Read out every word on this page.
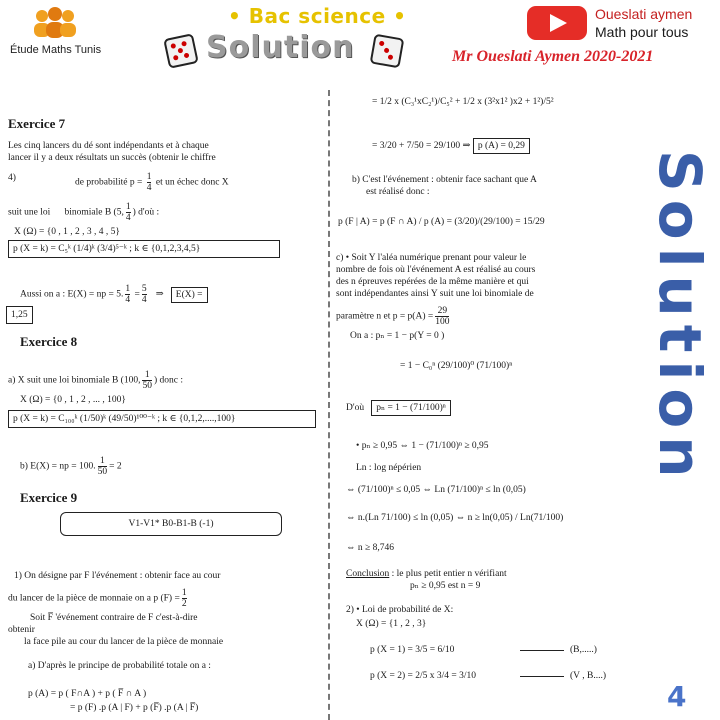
Étude Maths Tunis
• Bac science •
Solution
Oueslati aymen
Math pour tous
Mr Oueslati Aymen 2020-2021
Exercice 7
Les cinq lancers du dé sont indépendants et à chaque
lancer il y a deux résultats un succès (obtenir le chiffre
4)	de probabilité $p = \frac{1}{4}$ et un échec donc X
suit une loi binomiale B (5, $\frac{1}{4}$ ) d'où :
X (Ω) = {0 , 1 , 2 , 3 , 4 , 5}
p (X = k) = C₅ᵏ (1/4)ᵏ (3/4)⁵⁻ᵏ ; k ∈ {0,1,2,3,4,5}
Aussi on a : E(X) = np = 5. $\frac{1}{4} = \frac{5}{4}$ ⇒ E(X) =
1,25
Exercice 8
a) X suit une loi binomiale B (100, $\frac{1}{50}$ ) donc :
X (Ω) = {0 , 1 , 2 , ... , 100}
p (X = k) = C₁₀₀ᵏ (1/50)ᵏ (49/50)¹⁰⁰⁻ᵏ ; k ∈ {0,1,2,....,100}
b) E(X) = np = 100. $\frac{1}{50} = 2$
Exercice 9
V1-V1* B0-B1-B (-1)
1) On désigne par F l'événement : obtenir face au cour
du lancer de la pièce de monnaie on a p $(F) = \frac{1}{2}$
Soit F̅ 'événement contraire de F c'est-à-dire
obtenir
la face pile au cour du lancer de la pièce de monnaie
a) D'après le principe de probabilité totale on a :
p (A) = p ( F∩A ) + p ( F̅ ∩ A )
= p (F) .p (A | F) + p (F̅) .p (A | F̅)
= 1/2 x (C₃¹xC₂¹)/C₅² + 1/2 x (3²x1² )x2 + 1²)/5²
= 3/20 + 7/50 = 29/100 ⇒ p (A) = 0,29
b) C'est l'événement : obtenir face sachant que A
est réalisé donc :
p (F | A) = p (F ∩ A) / p (A) = (3/20)/(29/100) = 15/29
c) • Soit Y l'aléa numérique prenant pour valeur le
nombre de fois où l'événement A est réalisé au cours
des n épreuves repérées de la même manière et qui
sont indépendantes ainsi Y suit une loi binomiale de
paramètre n et $p = p(A) = \frac{29}{100}$
On a : pₙ = 1 − p(Y = 0 )
= 1 − C₀ⁿ (29/100)⁰ (71/100)ⁿ
D'où pₙ = 1 − (71/100)ⁿ
• pₙ ≥ 0,95 ⇔ 1 − (71/100)ⁿ ≥ 0,95
Ln : log népérien
⇔ (71/100)ⁿ ≤ 0,05 ⇔ Ln (71/100)ⁿ ≤ ln (0,05)
⇔ n.(Ln 71/100) ≤ ln (0,05) ⇔ n ≥ ln(0,05) / Ln(71/100)
⇔ n ≥ 8,746
Conclusion : le plus petit entier n vérifiant
pₙ ≥ 0,95 est n = 9
2) • Loi de probabilité de X:
X (Ω) = {1 , 2 , 3}
p (X = 1) = 3/5 = 6/10	(B,.....)
p (X = 2) = 2/5 x 3/4 = 3/10	(V , B....)
Solution
4
